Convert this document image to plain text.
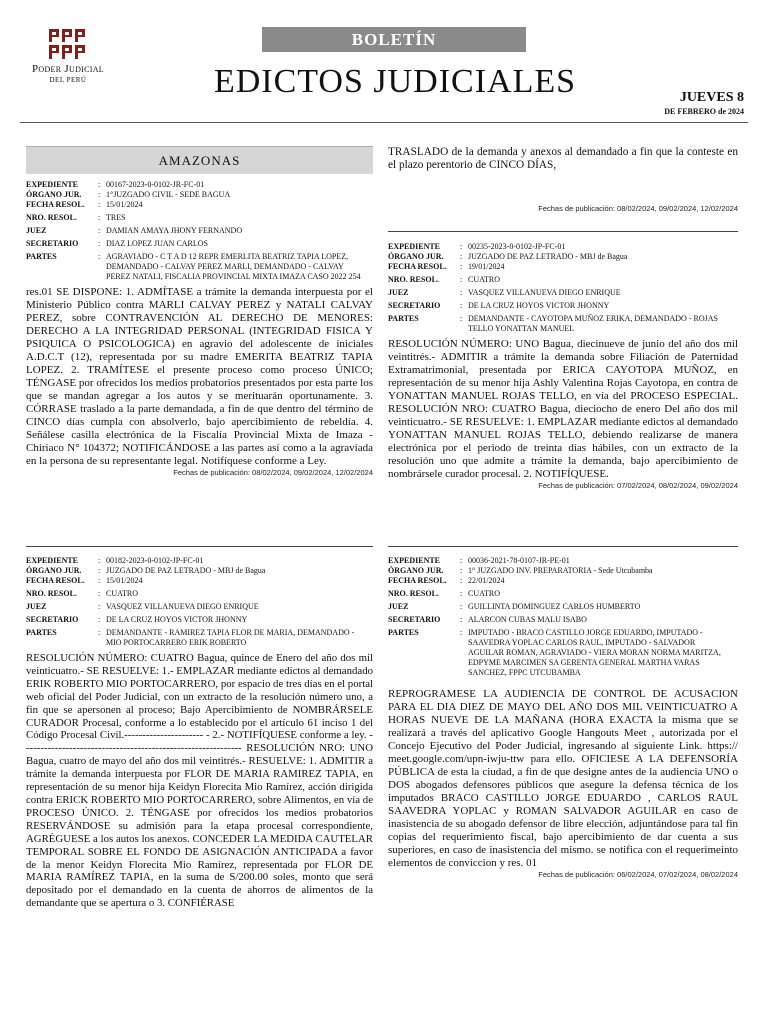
Poder Judicial
DEL PERÚ
BOLETÍN
EDICTOS JUDICIALES	JUEVES 8
DE FEBRERO de 2024
AMAZONAS
EXPEDIENTE	:	00167-2023-0-0102-JR-FC-01
ÓRGANO JUR.	:	1°JUZGADO CIVIL - SEDE BAGUA
FECHA RESOL.	:	15/01/2024
NRO. RESOL.	:	TRES
JUEZ	:	DAMIAN AMAYA JHONY FERNANDO
SECRETARIO	:	DIAZ LOPEZ JUAN CARLOS
PARTES	:	AGRAVIADO - C T A D 12 REPR EMERLITA BEATRIZ TAPIA LOPEZ, DEMANDADO - CALVAY PEREZ MARLI, DEMANDADO - CALVAY PEREZ NATALI, FISCALIA PROVINCIAL MIXTA IMAZA CASO 2022 254
res.01 SE DISPONE: 1. ADMÍTASE a trámite la demanda interpuesta por el Ministerio Público contra MARLI CALVAY PEREZ y NATALI CALVAY PEREZ, sobre CONTRAVENCIÓN AL DERECHO DE MENORES: DERECHO A LA INTEGRIDAD PERSONAL (INTEGRIDAD FISICA Y PSIQUICA O PSICOLOGICA) en agravio del adolescente de iniciales A.D.C.T (12), representada por su madre EMERITA BEATRIZ TAPIA LOPEZ. 2. TRAMÍTESE el presente proceso como proceso ÚNICO; TÉNGASE por ofrecidos los medios probatorios presentados por esta parte los que se mandan agregar a los autos y se merituarán oportunamente. 3. CÓRRASE traslado a la parte demandada, a fin de que dentro del término de CINCO días cumpla con absolverlo, bajo apercibimiento de rebeldía. 4. Señálese casilla electrónica de la Fiscalía Provincial Mixta de Imaza - Chiriaco N° 104372; NOTIFICÁNDOSE a las partes así como a la agraviada en la persona de su representante legal. Notifíquese conforme a Ley.
Fechas de publicación: 08/02/2024, 09/02/2024, 12/02/2024
TRASLADO de la demanda y anexos al demandado a fin que la conteste en el plazo perentorio de CINCO DÍAS,
Fechas de publicación: 08/02/2024, 09/02/2024, 12/02/2024
EXPEDIENTE	:	00235-2023-0-0102-JP-FC-01
ÓRGANO JUR.	:	JUZGADO DE PAZ LETRADO - MBJ de Bagua
FECHA RESOL.	:	19/01/2024
NRO. RESOL.	:	CUATRO
JUEZ	:	VASQUEZ VILLANUEVA DIEGO ENRIQUE
SECRETARIO	:	DE LA CRUZ HOYOS VICTOR JHONNY
PARTES	:	DEMANDANTE - CAYOTOPA MUÑOZ ERIKA, DEMANDADO - ROJAS TELLO YONATTAN MANUEL
RESOLUCIÓN NÚMERO: UNO Bagua, diecinueve de junio del año dos mil veintitrés.- ADMITIR a trámite la demanda sobre Filiación de Paternidad Extramatrimonial, presentada por ERICA CAYOTOPA MUÑOZ, en representación de su menor hija Ashly Valentina Rojas Cayotopa, en contra de YONATTAN MANUEL ROJAS TELLO, en vía del PROCESO ESPECIAL. RESOLUCIÓN NRO: CUATRO Bagua, dieciocho de enero Del año dos mil veinticuatro.- SE RESUELVE: 1. EMPLAZAR mediante edictos al demandado YONATTAN MANUEL ROJAS TELLO, debiendo realizarse de manera electrónica por el periodo de treinta días hábiles, con un extracto de la resolución uno que admite a trámite la demanda, bajo apercibimiento de nombrársele curador procesal. 2. NOTIFÍQUESE.
Fechas de publicación: 07/02/2024, 08/02/2024, 09/02/2024
EXPEDIENTE	:	00182-2023-0-0102-JP-FC-01
ÓRGANO JUR.	:	JUZGADO DE PAZ LETRADO - MBJ de Bagua
FECHA RESOL.	:	15/01/2024
NRO. RESOL.	:	CUATRO
JUEZ	:	VASQUEZ VILLANUEVA DIEGO ENRIQUE
SECRETARIO	:	DE LA CRUZ HOYOS VICTOR JHONNY
PARTES	:	DEMANDANTE - RAMIREZ TAPIA FLOR DE MARIA, DEMANDADO - MIO PORTOCARRERO ERIK ROBERTO
RESOLUCIÓN NÚMERO: CUATRO Bagua, quince de Enero del año dos mil veinticuatro.- SE RESUELVE: 1.- EMPLAZAR mediante edictos al demandado ERIK ROBERTO MIO PORTOCARRERO, por espacio de tres días en el portal web oficial del Poder Judicial, con un extracto de la resolución número uno, a fin que se apersonen al proceso; Bajo Apercibimiento de NOMBRÁRSELE CURADOR Procesal, conforme a lo establecido por el artículo 61 inciso 1 del Código Procesal Civil.---------------------- - 2.- NOTIFÍQUESE conforme a ley. ------------------------------------------------------------- RESOLUCIÓN NRO: UNO Bagua, cuatro de mayo del año dos mil veintitrés.- RESUELVE: 1. ADMITIR a trámite la demanda interpuesta por FLOR DE MARIA RAMIREZ TAPIA, en representación de su menor hija Keidyn Florecita Mio Ramírez, acción dirigida contra ERICK ROBERTO MIO PORTOCARRERO, sobre Alimentos, en vía de PROCESO ÚNICO. 2. TÉNGASE por ofrecidos los medios probatorios RESERVÁNDOSE su admisión para la etapa procesal correspondiente, AGRÉGUESE a los autos los anexos. CONCEDER LA MEDIDA CAUTELAR TEMPORAL SOBRE EL FONDO DE ASIGNACIÓN ANTICIPADA a favor de la menor Keidyn Florecita Mio Ramírez, representada por FLOR DE MARIA RAMÍREZ TAPIA, en la suma de S/200.00 soles, monto que será depositado por el demandado en la cuenta de ahorros de alimentos de la demandante que se apertura o 3. CONFIÉRASE
EXPEDIENTE	:	00036-2021-78-0107-JR-PE-01
ÓRGANO JUR.	:	1° JUZGADO INV. PREPARATORIA - Sede Utcubamba
FECHA RESOL.	:	22/01/2024
NRO. RESOL.	:	CUATRO
JUEZ	:	GUILLINTA DOMINGUEZ CARLOS HUMBERTO
SECRETARIO	:	ALARCON CUBAS MALU ISABO
PARTES	:	IMPUTADO - BRACO CASTILLO JORGE EDUARDO, IMPUTADO - SAAVEDRA YOPLAC CARLOS RAUL, IMPUTADO - SALVADOR AGUILAR ROMAN, AGRAVIADO - VIERA MORAN NORMA MARITZA, EDPYME MARCIMEN SA GERENTA GENERAL MARTHA VARAS SANCHEZ, FPPC UTCUBAMBA
REPROGRAMESE LA AUDIENCIA DE CONTROL DE ACUSACION PARA EL DIA DIEZ DE MAYO DEL AÑO DOS MIL VEINTICUATRO A HORAS NUEVE DE LA MAÑANA (HORA EXACTA la misma que se realizará a través del aplicativo Google Hangouts Meet , autorizada por el Concejo Ejecutivo del Poder Judicial, ingresando al siguiente Link. https:// meet.google.com/upn-iwju-ttw para ello. OFICIESE A LA DEFENSORÍA PÚBLICA de esta la ciudad, a fin de que designe antes de la audiencia UNO o DOS abogados defensores públicos que asegure la defensa técnica de los imputados BRACO CASTILLO JORGE EDUARDO , CARLOS RAUL SAAVEDRA YOPLAC y ROMAN SALVADOR AGUILAR en caso de inasistencia de su abogado defensor de libre elección, adjuntándose para tal fin copias del requerimiento fiscal, bajo apercibimiento de dar cuenta a sus superiores, en caso de inasistencia del mismo. se notifica con el requerimeinto elementos de conviccion y res. 01
Fechas de publicación: 06/02/2024, 07/02/2024, 08/02/2024
